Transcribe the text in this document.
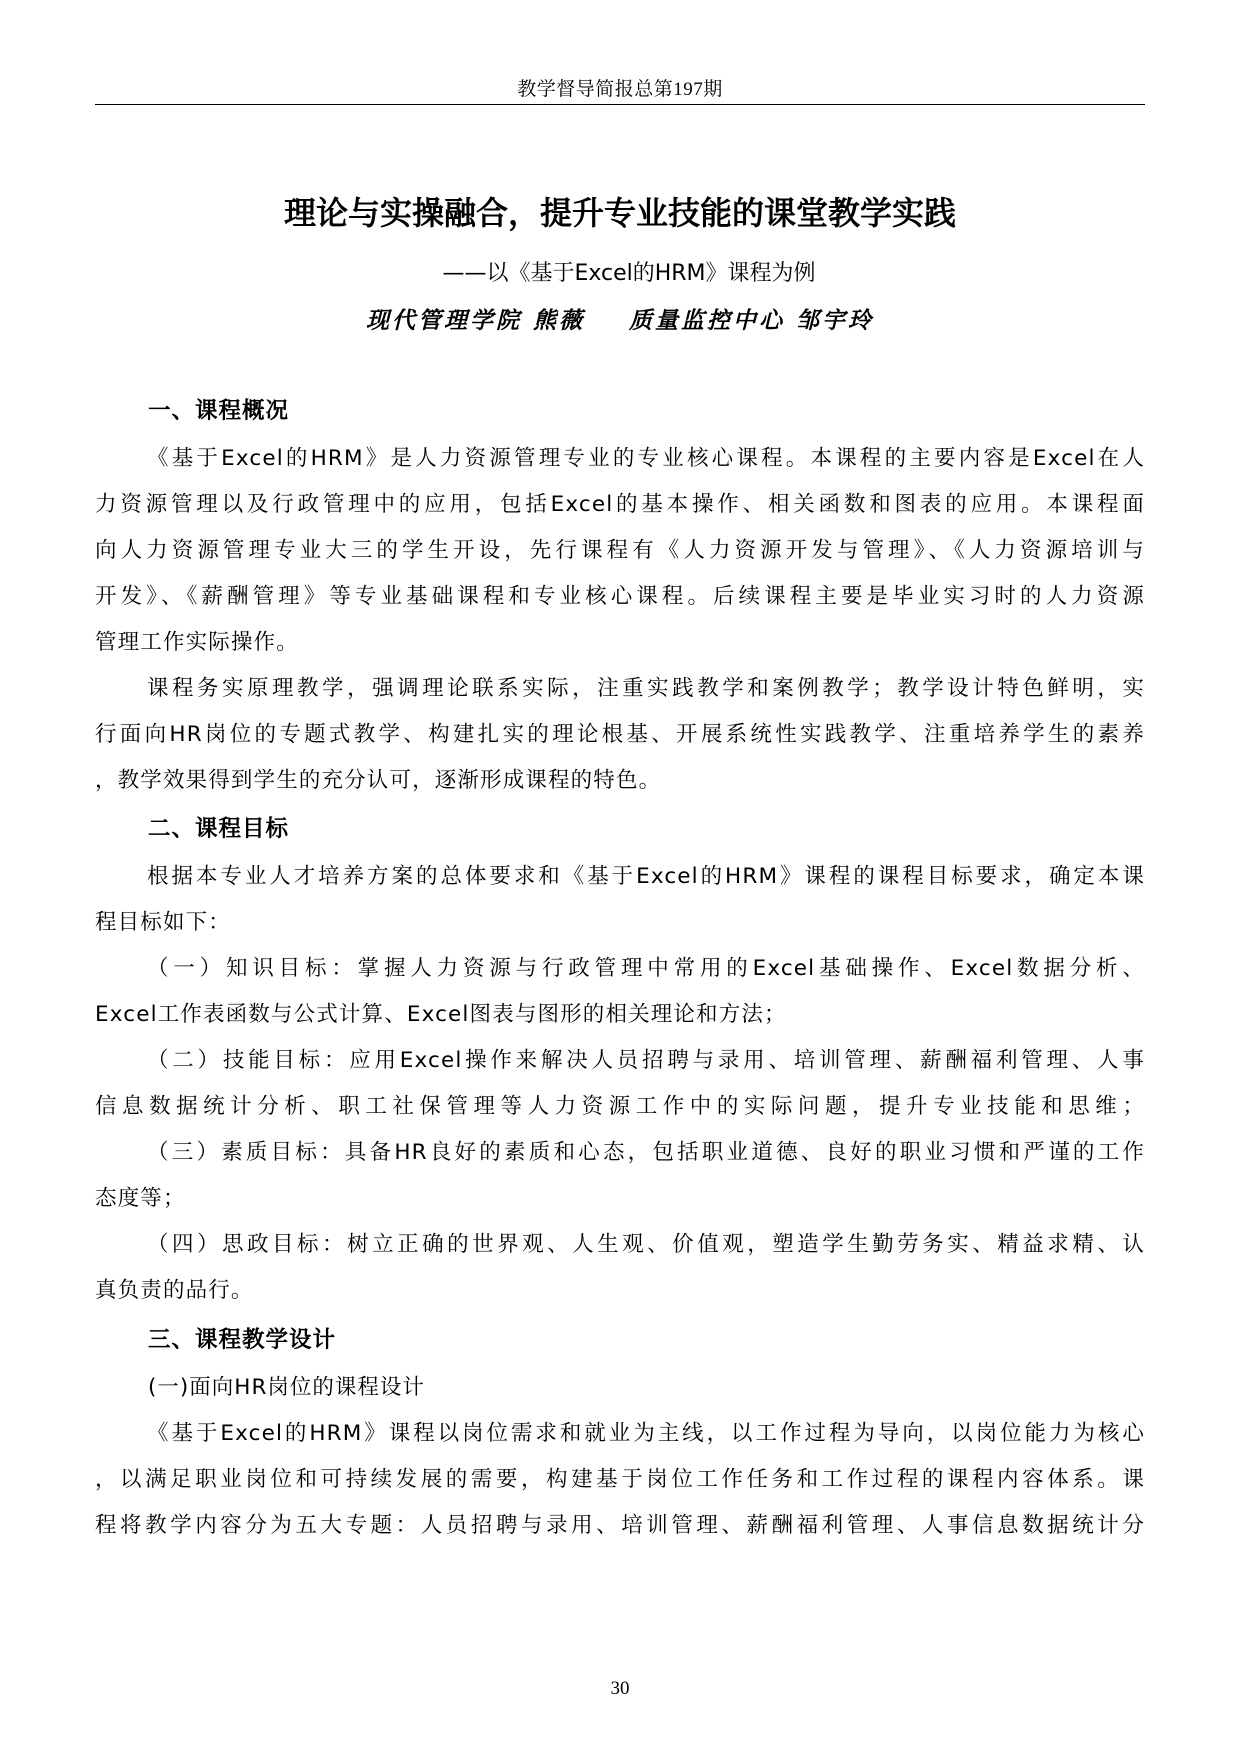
教学督导简报总第197期
理论与实操融合，提升专业技能的课堂教学实践
——以《基于Excel的HRM》课程为例
现代管理学院 熊薇 质量监控中心 邹宇玲
一、课程概况
《基于Excel的HRM》是人力资源管理专业的专业核心课程。本课程的主要内容是Excel在人
力资源管理以及行政管理中的应用，包括Excel的基本操作、相关函数和图表的应用。本课程面
向人力资源管理专业大三的学生开设，先行课程有《人力资源开发与管理》、《人力资源培训与
开发》、《薪酬管理》等专业基础课程和专业核心课程。后续课程主要是毕业实习时的人力资源
管理工作实际操作。
课程务实原理教学，强调理论联系实际，注重实践教学和案例教学；教学设计特色鲜明，实
行面向HR岗位的专题式教学、构建扎实的理论根基、开展系统性实践教学、注重培养学生的素养
，教学效果得到学生的充分认可，逐渐形成课程的特色。
二、课程目标
根据本专业人才培养方案的总体要求和《基于Excel的HRM》课程的课程目标要求，确定本课
程目标如下：
（一）知识目标：掌握人力资源与行政管理中常用的Excel基础操作、Excel数据分析、
Excel工作表函数与公式计算、Excel图表与图形的相关理论和方法；
（二）技能目标：应用Excel操作来解决人员招聘与录用、培训管理、薪酬福利管理、人事
信息数据统计分析、职工社保管理等人力资源工作中的实际问题，提升专业技能和思维；
（三）素质目标：具备HR良好的素质和心态，包括职业道德、良好的职业习惯和严谨的工作
态度等；
（四）思政目标：树立正确的世界观、人生观、价值观，塑造学生勤劳务实、精益求精、认
真负责的品行。
三、课程教学设计
(一)面向HR岗位的课程设计
《基于Excel的HRM》课程以岗位需求和就业为主线，以工作过程为导向，以岗位能力为核心
，以满足职业岗位和可持续发展的需要，构建基于岗位工作任务和工作过程的课程内容体系。课
程将教学内容分为五大专题：人员招聘与录用、培训管理、薪酬福利管理、人事信息数据统计分
30
